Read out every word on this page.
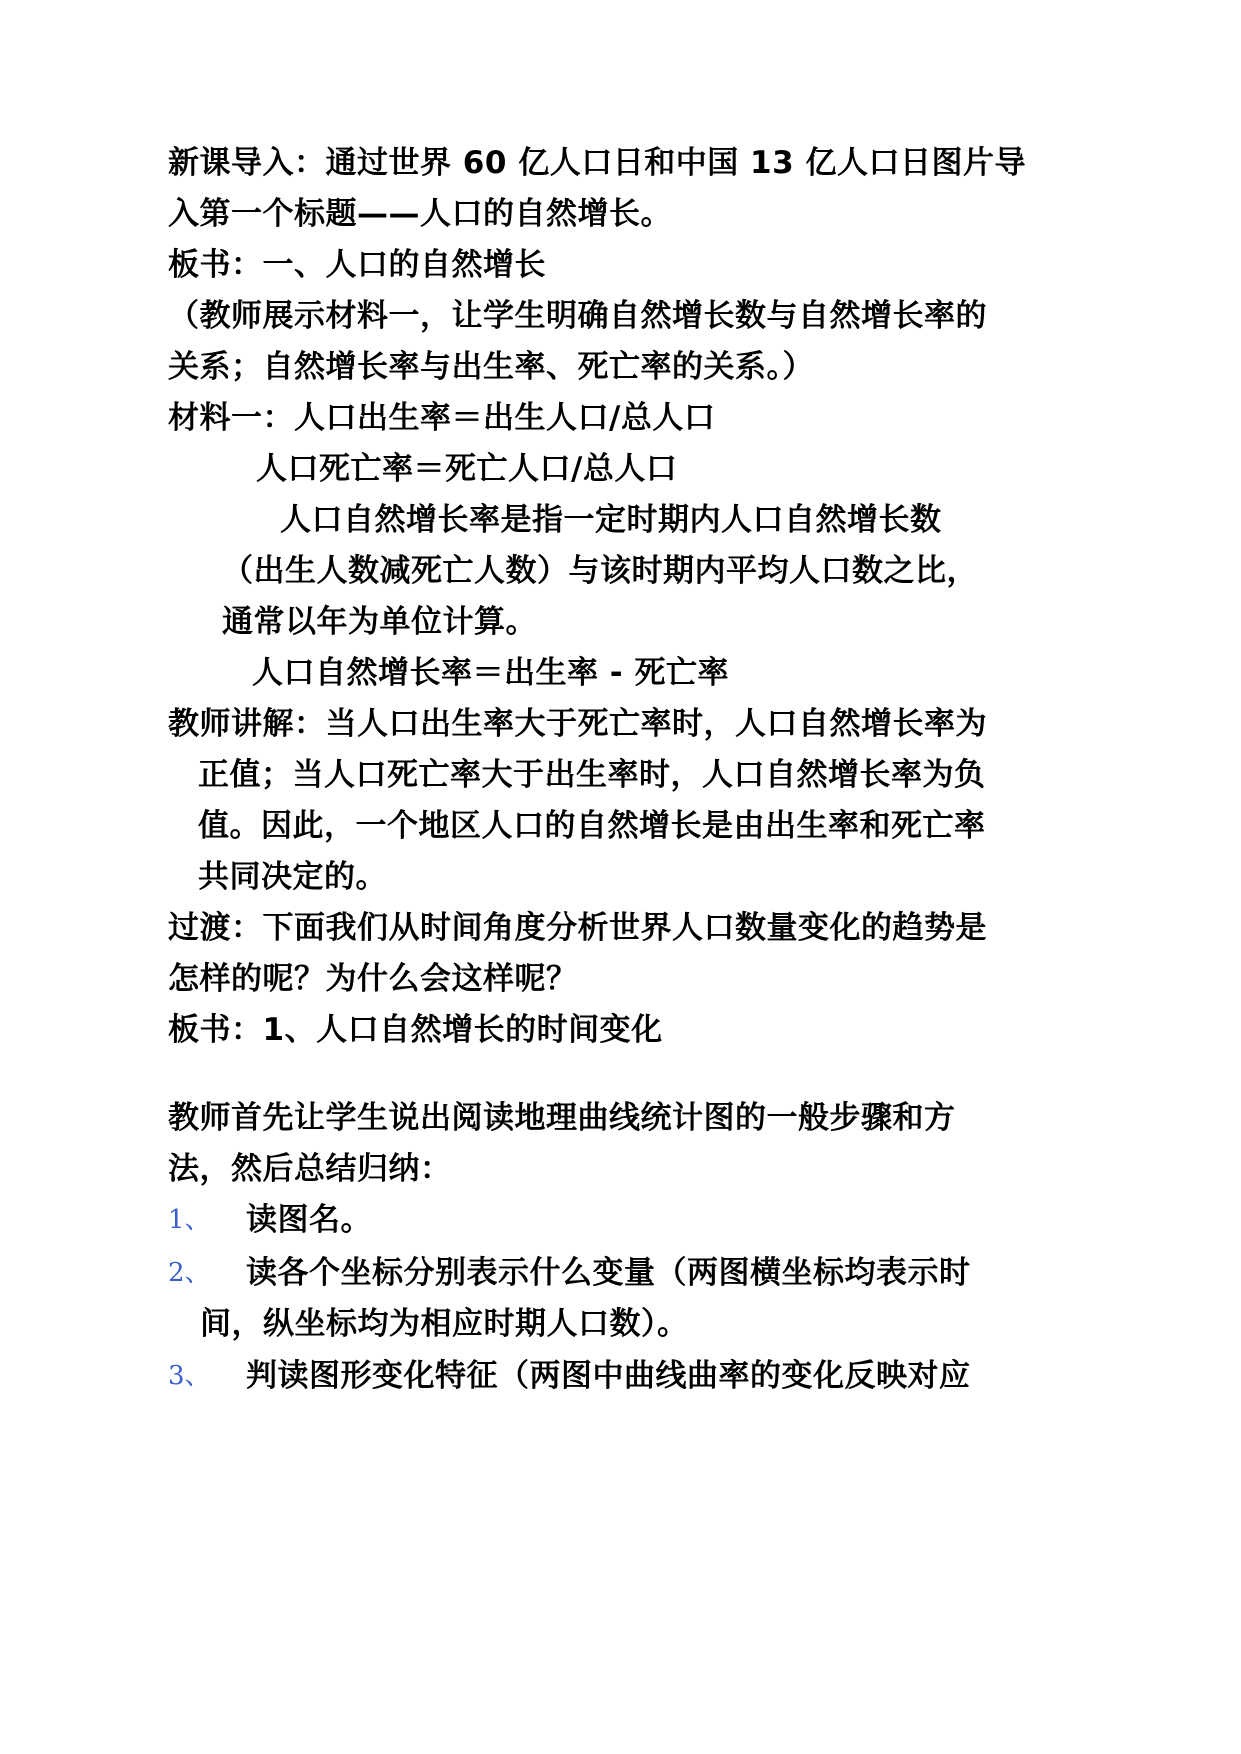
新课导入：通过世界 60 亿人口日和中国 13 亿人口日图片导
入第一个标题——人口的自然增长。
板书：一、人口的自然增长
（教师展示材料一，让学生明确自然增长数与自然增长率的
关系；自然增长率与出生率、死亡率的关系。）
材料一：人口出生率＝出生人口/总人口
人口死亡率＝死亡人口/总人口
人口自然增长率是指一定时期内人口自然增长数
（出生人数减死亡人数）与该时期内平均人口数之比，
通常以年为单位计算。
人口自然增长率＝出生率 - 死亡率
教师讲解：当人口出生率大于死亡率时，人口自然增长率为
正值；当人口死亡率大于出生率时，人口自然增长率为负
值。因此，一个地区人口的自然增长是由出生率和死亡率
共同决定的。
过渡：下面我们从时间角度分析世界人口数量变化的趋势是
怎样的呢？为什么会这样呢？
板书：1、人口自然增长的时间变化
教师首先让学生说出阅读地理曲线统计图的一般步骤和方
法，然后总结归纳：
1、 读图名。
2、 读各个坐标分别表示什么变量（两图横坐标均表示时
间，纵坐标均为相应时期人口数）。
3、 判读图形变化特征（两图中曲线曲率的变化反映对应
